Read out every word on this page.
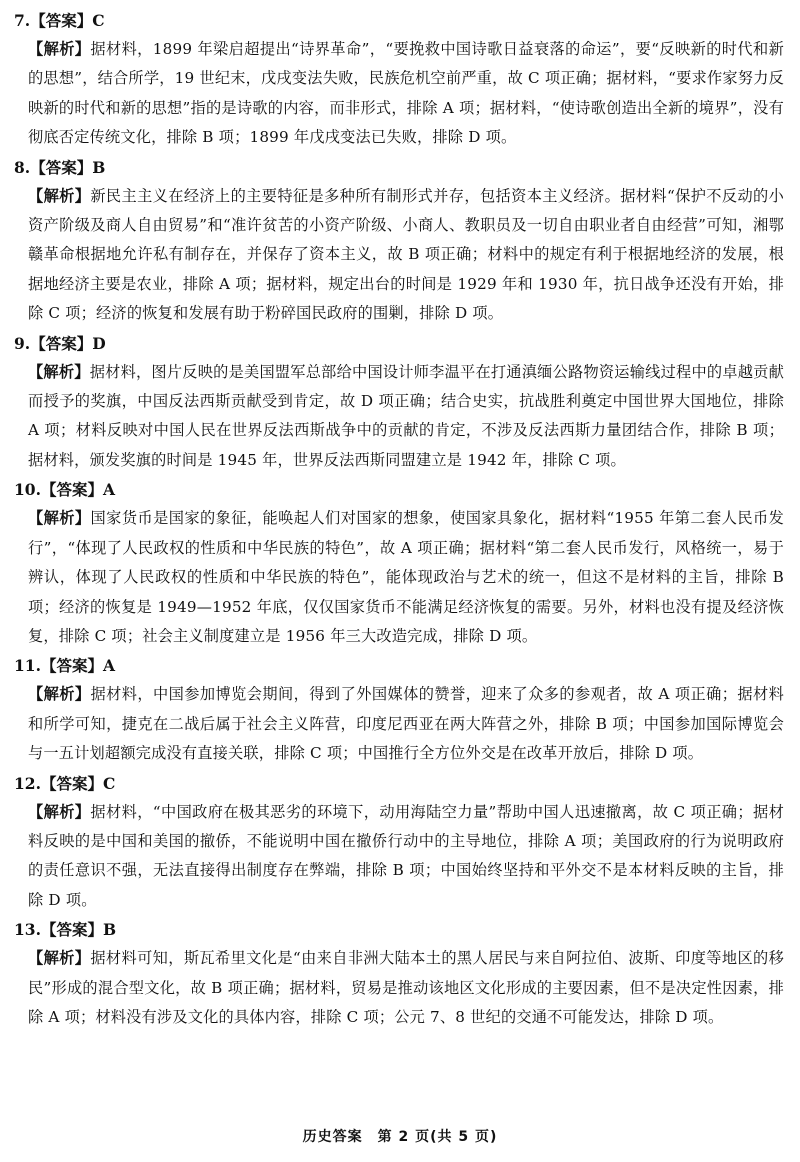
7.【答案】C

【解析】据材料，1899 年梁启超提出“诗界革命”，“要挽救中国诗歌日益衰落的命运”，要“反映新的时代和新的思想”，结合所学，19 世纪末，戊戌变法失败，民族危机空前严重，故 C 项正确；据材料，“要求作家努力反映新的时代和新的思想”指的是诗歌的内容，而非形式，排除 A 项；据材料，“使诗歌创造出全新的境界”，没有彻底否定传统文化，排除 B 项；1899 年戊戌变法已失败，排除 D 项。

8.【答案】B

【解析】新民主主义在经济上的主要特征是多种所有制形式并存，包括资本主义经济。据材料“保护不反动的小资产阶级及商人自由贸易”和“准许贫苦的小资产阶级、小商人、教职员及一切自由职业者自由经营”可知，湘鄂赣革命根据地允许私有制存在，并保存了资本主义，故 B 项正确；材料中的规定有利于根据地经济的发展，根据地经济主要是农业，排除 A 项；据材料，规定出台的时间是 1929 年和 1930 年，抗日战争还没有开始，排除 C 项；经济的恢复和发展有助于粉碎国民政府的围剿，排除 D 项。

9.【答案】D

【解析】据材料，图片反映的是美国盟军总部给中国设计师李温平在打通滇缅公路物资运输线过程中的卓越贡献而授予的奖旗，中国反法西斯贡献受到肯定，故 D 项正确；结合史实，抗战胜利奠定中国世界大国地位，排除 A 项；材料反映对中国人民在世界反法西斯战争中的贡献的肯定，不涉及反法西斯力量团结合作，排除 B 项；据材料，颁发奖旗的时间是 1945 年，世界反法西斯同盟建立是 1942 年，排除 C 项。

10.【答案】A

【解析】国家货币是国家的象征，能唤起人们对国家的想象，使国家具象化，据材料“1955 年第二套人民币发行”，“体现了人民政权的性质和中华民族的特色”，故 A 项正确；据材料“第二套人民币发行，风格统一，易于辨认，体现了人民政权的性质和中华民族的特色”，能体现政治与艺术的统一，但这不是材料的主旨，排除 B 项；经济的恢复是 1949—1952 年底，仅仅国家货币不能满足经济恢复的需要。另外，材料也没有提及经济恢复，排除 C 项；社会主义制度建立是 1956 年三大改造完成，排除 D 项。

11.【答案】A

【解析】据材料，中国参加博览会期间，得到了外国媒体的赞誉，迎来了众多的参观者，故 A 项正确；据材料和所学可知，捷克在二战后属于社会主义阵营，印度尼西亚在两大阵营之外，排除 B 项；中国参加国际博览会与一五计划超额完成没有直接关联，排除 C 项；中国推行全方位外交是在改革开放后，排除 D 项。

12.【答案】C

【解析】据材料，“中国政府在极其恶劣的环境下，动用海陆空力量”帮助中国人迅速撤离，故 C 项正确；据材料反映的是中国和美国的撤侨，不能说明中国在撤侨行动中的主导地位，排除 A 项；美国政府的行为说明政府的责任意识不强，无法直接得出制度存在弊端，排除 B 项；中国始终坚持和平外交不是本材料反映的主旨，排除 D 项。

13.【答案】B

【解析】据材料可知，斯瓦希里文化是“由来自非洲大陆本土的黑人居民与来自阿拉伯、波斯、印度等地区的移民”形成的混合型文化，故 B 项正确；据材料，贸易是推动该地区文化形成的主要因素，但不是决定性因素，排除 A 项；材料没有涉及文化的具体内容，排除 C 项；公元 7、8 世纪的交通不可能发达，排除 D 项。

历史答案　第 2 页(共 5 页)
